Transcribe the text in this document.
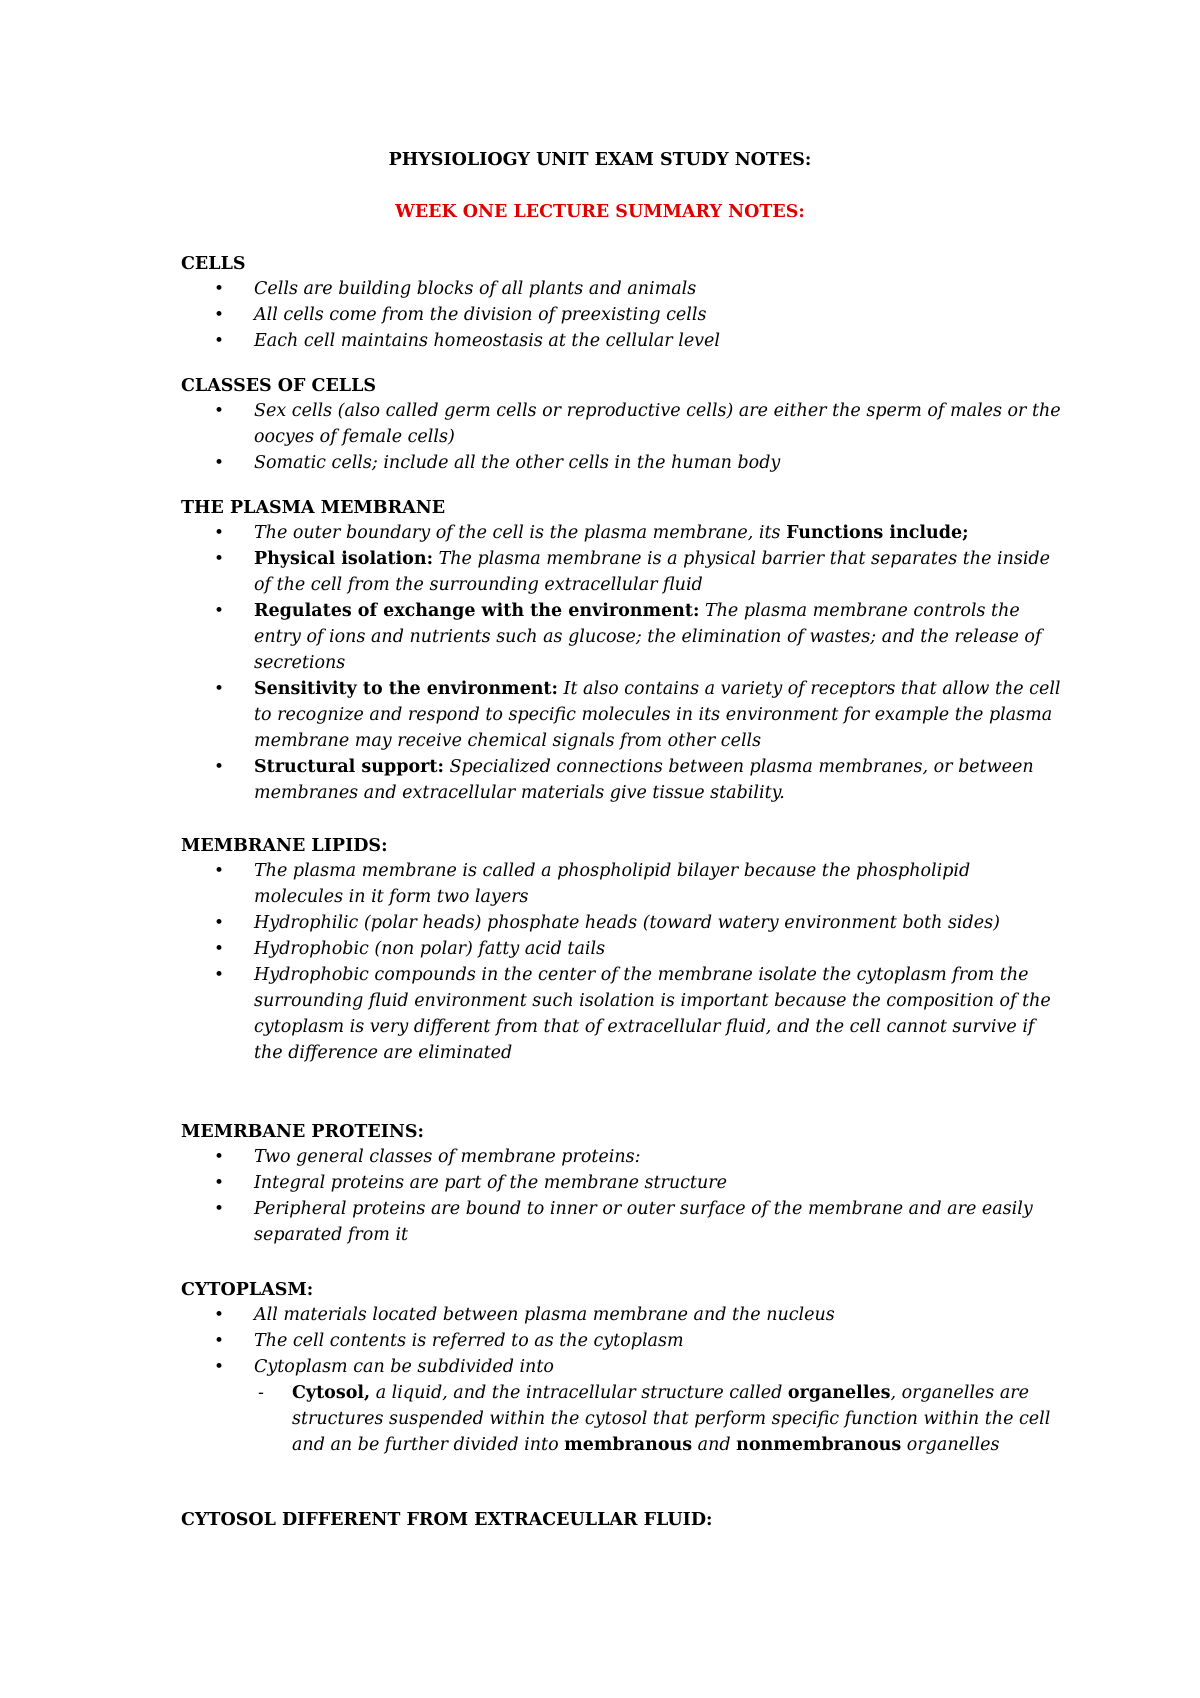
PHYSIOLIOGY UNIT EXAM STUDY NOTES:
WEEK ONE LECTURE SUMMARY NOTES:

CELLS

• Cells are building blocks of all plants and animals
• All cells come from the division of preexisting cells
• Each cell maintains homeostasis at the cellular level

CLASSES OF CELLS

• Sex cells (also called germ cells or reproductive cells) are either the sperm of males or the oocyes of female cells)
• Somatic cells; include all the other cells in the human body

THE PLASMA MEMBRANE

• The outer boundary of the cell is the plasma membrane, its Functions include;
• Physical isolation: The plasma membrane is a physical barrier that separates the inside of the cell from the surrounding extracellular fluid
• Regulates of exchange with the environment: The plasma membrane controls the entry of ions and nutrients such as glucose; the elimination of wastes; and the release of secretions
• Sensitivity to the environment: It also contains a variety of receptors that allow the cell to recognize and respond to specific molecules in its environment for example the plasma membrane may receive chemical signals from other cells
• Structural support: Specialized connections between plasma membranes, or between membranes and extracellular materials give tissue stability.

MEMBRANE LIPIDS:

• The plasma membrane is called a phospholipid bilayer because the phospholipid molecules in it form two layers
• Hydrophilic (polar heads) phosphate heads (toward watery environment both sides)
• Hydrophobic (non polar) fatty acid tails
• Hydrophobic compounds in the center of the membrane isolate the cytoplasm from the surrounding fluid environment such isolation is important because the composition of the cytoplasm is very different from that of extracellular fluid, and the cell cannot survive if the difference are eliminated

MEMRBANE PROTEINS:

• Two general classes of membrane proteins:
• Integral proteins are part of the membrane structure
• Peripheral proteins are bound to inner or outer surface of the membrane and are easily separated from it

CYTOPLASM:

• All materials located between plasma membrane and the nucleus
• The cell contents is referred to as the cytoplasm
• Cytoplasm can be subdivided into
- Cytosol, a liquid, and the intracellular structure called organelles, organelles are structures suspended within the cytosol that perform specific function within the cell and an be further divided into membranous and nonmembranous organelles

CYTOSOL DIFFERENT FROM EXTRACEULLAR FLUID:
